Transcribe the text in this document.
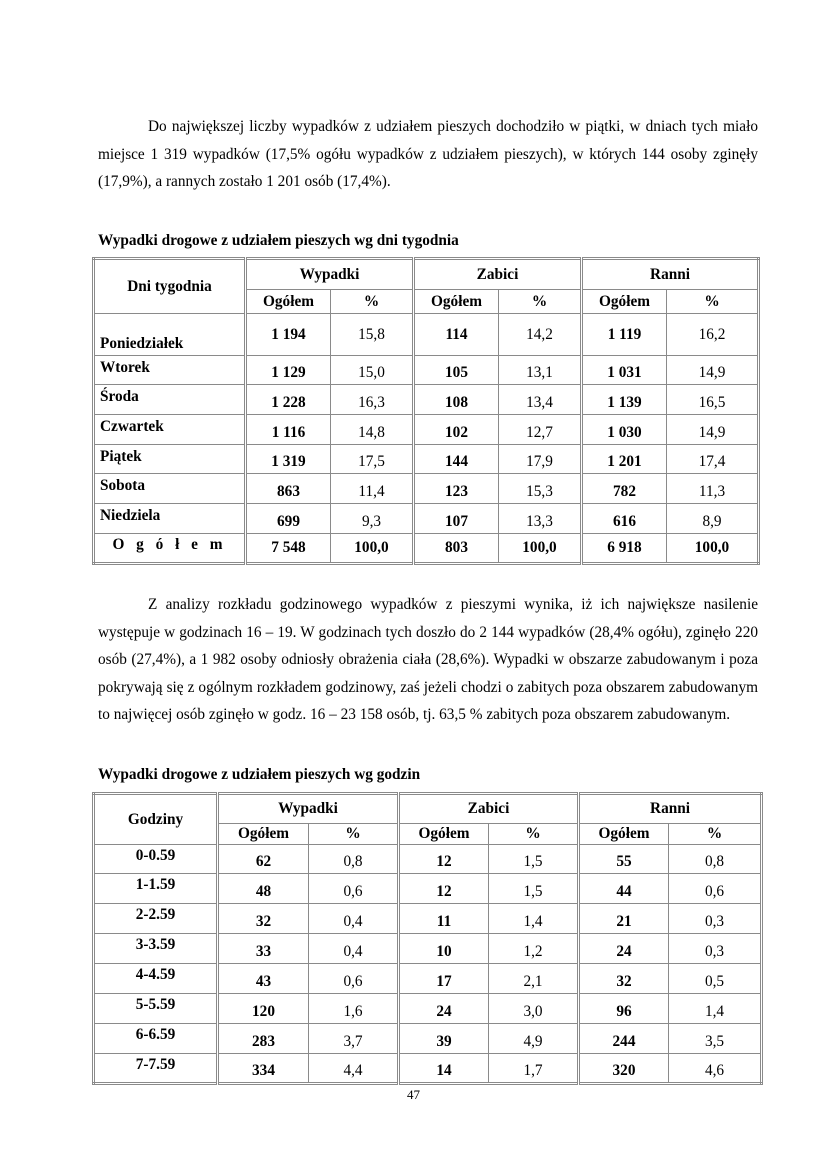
Do największej liczby wypadków z udziałem pieszych dochodziło w piątki, w dniach tych miało miejsce 1 319 wypadków (17,5% ogółu wypadków z udziałem pieszych), w których 144 osoby zginęły (17,9%), a rannych zostało 1 201 osób (17,4%).
Wypadki drogowe z udziałem pieszych wg dni tygodnia
Dni tygodnia	Wypadki		Zabici		Ranni	
	Ogółem	%	Ogółem	%	Ogółem	%
Poniedziałek	1 194	15,8	114	14,2	1 119	16,2
Wtorek	1 129	15,0	105	13,1	1 031	14,9
Środa	1 228	16,3	108	13,4	1 139	16,5
Czwartek	1 116	14,8	102	12,7	1 030	14,9
Piątek	1 319	17,5	144	17,9	1 201	17,4
Sobota	863	11,4	123	15,3	782	11,3
Niedziela	699	9,3	107	13,3	616	8,9
O g ó ł e m	7 548	100,0	803	100,0	6 918	100,0
Z analizy rozkładu godzinowego wypadków z pieszymi wynika, iż ich największe nasilenie występuje w godzinach 16 – 19. W godzinach tych doszło do 2 144 wypadków (28,4% ogółu), zginęło 220 osób (27,4%), a 1 982 osoby odniosły obrażenia ciała (28,6%). Wypadki w obszarze zabudowanym i poza pokrywają się z ogólnym rozkładem godzinowy, zaś jeżeli chodzi o zabitych poza obszarem zabudowanym to najwięcej osób zginęło w godz. 16 – 23 158 osób, tj. 63,5 % zabitych poza obszarem zabudowanym.
Wypadki drogowe z udziałem pieszych wg godzin
Godziny	Wypadki		Zabici		Ranni	
	Ogółem	%	Ogółem	%	Ogółem	%
0-0.59	62	0,8	12	1,5	55	0,8
1-1.59	48	0,6	12	1,5	44	0,6
2-2.59	32	0,4	11	1,4	21	0,3
3-3.59	33	0,4	10	1,2	24	0,3
4-4.59	43	0,6	17	2,1	32	0,5
5-5.59	120	1,6	24	3,0	96	1,4
6-6.59	283	3,7	39	4,9	244	3,5
7-7.59	334	4,4	14	1,7	320	4,6
47
